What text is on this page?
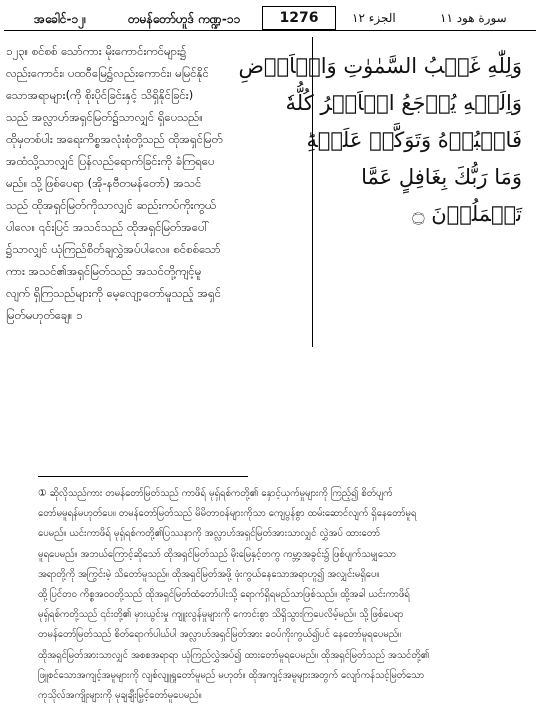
အခေါင်-၁၂၊	တမန်တော်ဟူဒ် ကဏ္ဍ-၁၁	1276	الجزء ١٢	سورة هود ١١
وَلِلّٰهِ غَيۡبُ السَّمٰوٰتِ وَالۡاَرۡضِ
وَاِلَيۡهِ يُرۡجَعُ الۡاَمۡرُ كُلُّهٗ
فَاعۡبُدۡهُ وَتَوَكَّلۡ عَلَيۡهِؕ
وَمَا رَبُّكَ بِغَافِلٍ عَمَّا
تَعۡمَلُوۡنَ ۝
၁၂၃။ စင်စစ် သော်ကား မိုးကောင်းကင်များ၌
လည်းကောင်း၊ ပထဝီမြေ၌လည်းကောင်း၊ မမြင်နိုင်
သောအရာများ(ကို စိုးပိုင်ခြင်းနှင့် သိရှိနိုင်ခြင်း)
သည် အလ္လာဟ်အရှင်မြတ်၌သာလျှင် ရှိပေသည်။
ထိုမှတစ်ပါး အရေးကိစ္စအလုံးစုံတို့သည် ထိုအရှင်မြတ်
အထံသို့သာလျှင် ပြန်လည်ရောက်ခြင်းကို ခံကြရပေ
မည်။ သို့ဖြစ်ပေရာ (အို-နဗီတမန်တော်) အသင်
သည် ထိုအရှင်မြတ်ကိုသာလျှင် ဆည်းကပ်ကိုးကွယ်
ပါလေ။ ၎င်းပြင် အသင်သည် ထိုအရှင်မြတ်အပေါ်
၌သာလျှင် ယုံကြည်စိတ်ချလွှဲအပ်ပါလေ။ စင်စစ်သော်
ကား အသင်၏အရှင်မြတ်သည် အသင်တို့ကျင့်မူ
လျက် ရှိကြသည်များကို မေ့လျော့တော်မူသည့် အရှင်
မြတ်မဟုတ်ချေ။ ၁
① ဆိုလိုသည်ကား တမန်တော်မြတ်သည် ကာဖိရ် မုရှ်ရစ်ကတို့၏ နှောင့်ယှက်မှုများကို ကြည့်၍ စိတ်ပျက်
တော်မမူရန်မဟုတ်ပေ။ တမန်တော်မြတ်သည် မိမိတာဝန်များကိုသာ ကျေပွန်စွာ ထမ်းဆောင်လျက် ရှိနေတော်မူရ
ပေမည်။ ယင်းကာဖိရ် မုရှ်ရစ်ကတို့၏ပြဿနာကို အလ္လာဟ်အရှင်မြတ်အားသာလျှင် လွှဲအပ် ထားတော်
မူရပေမည်။ အဘယ်ကြောင့်ဆိုသော် ထိုအရှင်မြတ်သည် မိုးမြေနှင့်တကွ ကမ္ဘာ့အခွင်း၌ ဖြစ်ပျက်သမျှသော
အရာတို့ကို အကြွင်းမဲ့ သိတော်မူသည်။ ထိုအရှင်မြတ်အဖို့ ဖုံးကွယ်နေသောအရာဟူ၍ အလျှင်းမရှိပေ။
ထို့ပြင်တဝ ကိစ္စအဝဝတို့သည် ထိုအရှင်မြတ်ထံတော်ပါးသို့ ရောက်ရှိရမည်သာဖြစ်သည်။ ထို့အခါ ယင်းကာဖိရ်
မုရှ်ရစ်ကတို့သည် ၎င်းတို့၏ မှားယွင်းမှု ကျူးလွန်မှုများကို ကောင်းစွာ သိရှိသွားကြပေလိမ့်မည်။ သို့ဖြစ်ပေရာ
တမန်တော်မြတ်သည် စိတ်ရောက်ပါယ်ပါ အလ္လာဟ်အရှင်မြတ်အား ခဝပ်ကိုးကွယ်၍ပင် နေတော်မူရပေမည်။
ထိုအရှင်မြတ်အားသာလျှင် အစစအရာရာ ယုံကြည်လွှဲအပ်၍ ထားတော်မူရပေမည်။ ထိုအရှင်မြတ်သည် အသင်တို့၏
ဖြူစင်သောအကျင့်အမူများကို လျစ်လျူရှုတော်မူမည် မဟုတ်။ ထိုအကျင့်အမူများအတွက် လျော်ကန်သင့်မြတ်သော
ကုသိုလ်အကျိုးများကို မုချချီးမြှင့်တော်မူပေမည်။
